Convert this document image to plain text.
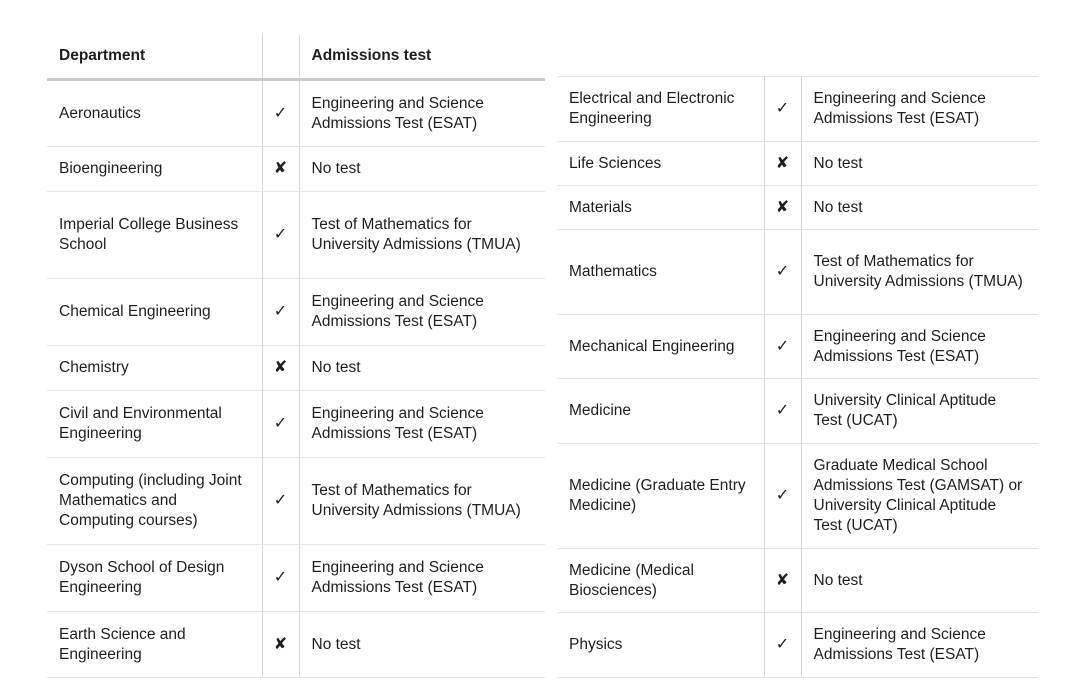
Department		Admissions test
Aeronautics	✓	Engineering and Science Admissions Test (ESAT)
Bioengineering	✘	No test
Imperial College Business School	✓	Test of Mathematics for University Admissions (TMUA)
Chemical Engineering	✓	Engineering and Science Admissions Test (ESAT)
Chemistry	✘	No test
Civil and Environmental Engineering	✓	Engineering and Science Admissions Test (ESAT)
Computing (including Joint Mathematics and Computing courses)	✓	Test of Mathematics for University Admissions (TMUA)
Dyson School of Design Engineering	✓	Engineering and Science Admissions Test (ESAT)
Earth Science and Engineering	✘	No test
Electrical and Electronic Engineering	✓	Engineering and Science Admissions Test (ESAT)
Life Sciences	✘	No test
Materials	✘	No test
Mathematics	✓	Test of Mathematics for University Admissions (TMUA)
Mechanical Engineering	✓	Engineering and Science Admissions Test (ESAT)
Medicine	✓	University Clinical Aptitude Test (UCAT)
Medicine (Graduate Entry Medicine)	✓	Graduate Medical School Admissions Test (GAMSAT) or University Clinical Aptitude Test (UCAT)
Medicine (Medical Biosciences)	✘	No test
Physics	✓	Engineering and Science Admissions Test (ESAT)
